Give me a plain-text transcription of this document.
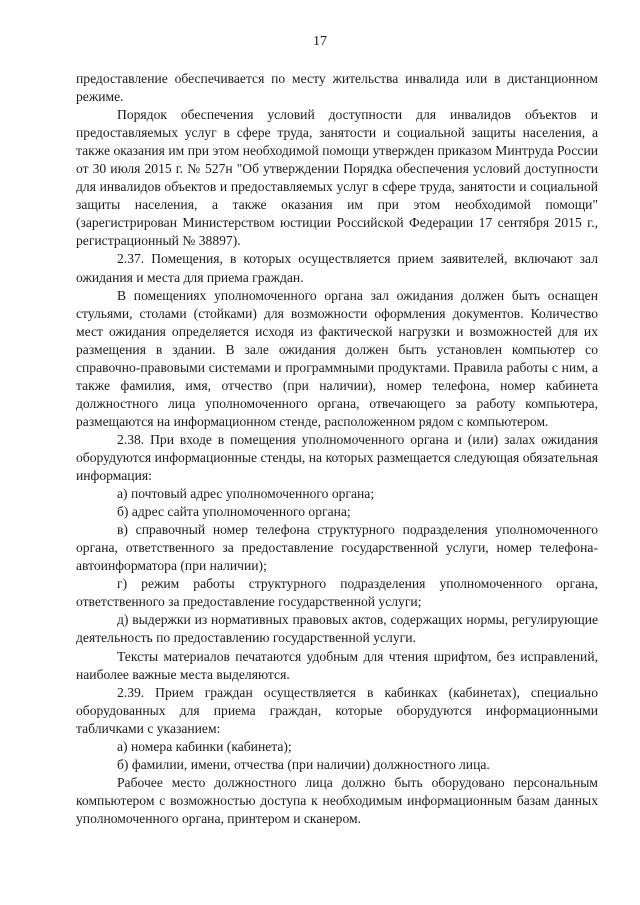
17

предоставление обеспечивается по месту жительства инвалида или в дистанционном режиме.

Порядок обеспечения условий доступности для инвалидов объектов и предоставляемых услуг в сфере труда, занятости и социальной защиты населения, а также оказания им при этом необходимой помощи утвержден приказом Минтруда России от 30 июля 2015 г. № 527н "Об утверждении Порядка обеспечения условий доступности для инвалидов объектов и предоставляемых услуг в сфере труда, занятости и социальной защиты населения, а также оказания им при этом необходимой помощи" (зарегистрирован Министерством юстиции Российской Федерации 17 сентября 2015 г., регистрационный № 38897).

2.37. Помещения, в которых осуществляется прием заявителей, включают зал ожидания и места для приема граждан.

В помещениях уполномоченного органа зал ожидания должен быть оснащен стульями, столами (стойками) для возможности оформления документов. Количество мест ожидания определяется исходя из фактической нагрузки и возможностей для их размещения в здании. В зале ожидания должен быть установлен компьютер со справочно-правовыми системами и программными продуктами. Правила работы с ним, а также фамилия, имя, отчество (при наличии), номер телефона, номер кабинета должностного лица уполномоченного органа, отвечающего за работу компьютера, размещаются на информационном стенде, расположенном рядом с компьютером.

2.38. При входе в помещения уполномоченного органа и (или) залах ожидания оборудуются информационные стенды, на которых размещается следующая обязательная информация:

а) почтовый адрес уполномоченного органа;

б) адрес сайта уполномоченного органа;

в) справочный номер телефона структурного подразделения уполномоченного органа, ответственного за предоставление государственной услуги, номер телефона-автоинформатора (при наличии);

г) режим работы структурного подразделения уполномоченного органа, ответственного за предоставление государственной услуги;

д) выдержки из нормативных правовых актов, содержащих нормы, регулирующие деятельность по предоставлению государственной услуги.

Тексты материалов печатаются удобным для чтения шрифтом, без исправлений, наиболее важные места выделяются.

2.39. Прием граждан осуществляется в кабинках (кабинетах), специально оборудованных для приема граждан, которые оборудуются информационными табличками с указанием:

а) номера кабинки (кабинета);

б) фамилии, имени, отчества (при наличии) должностного лица.

Рабочее место должностного лица должно быть оборудовано персональным компьютером с возможностью доступа к необходимым информационным базам данных уполномоченного органа, принтером и сканером.
